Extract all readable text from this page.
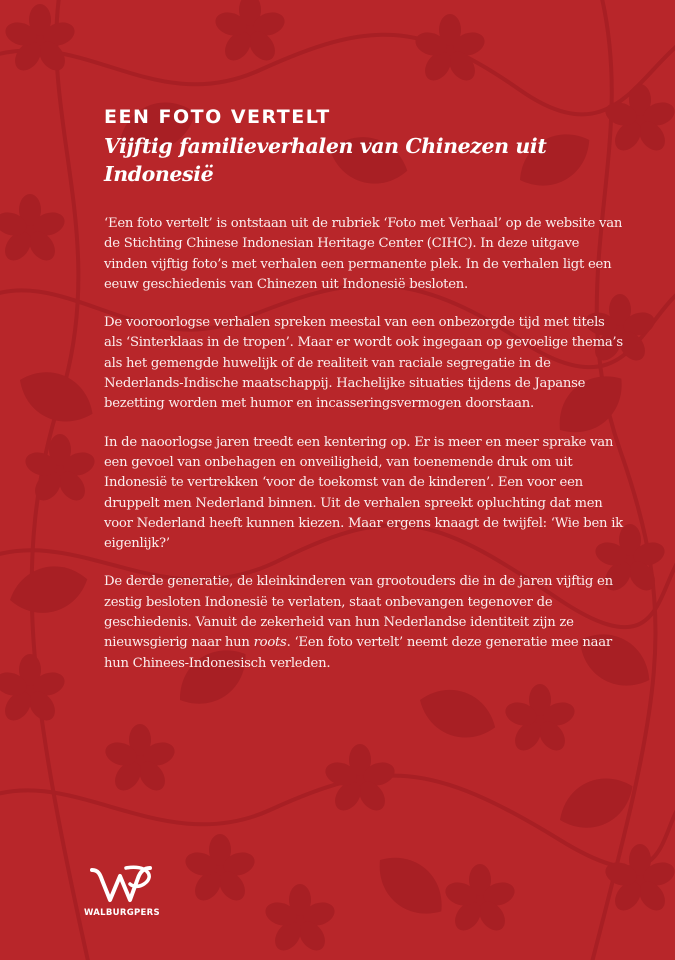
EEN FOTO VERTELT
Vijftig familieverhalen van Chinezen uit Indonesië

‘Een foto vertelt’ is ontstaan uit de rubriek ‘Foto met Verhaal’ op de website van de Stichting Chinese Indonesian Heritage Center (CIHC). In deze uitgave vinden vijftig foto’s met verhalen een permanente plek. In de verhalen ligt een eeuw geschiedenis van Chinezen uit Indonesië besloten.

De vooroorlogse verhalen spreken meestal van een onbezorgde tijd met titels als ‘Sinterklaas in de tropen’. Maar er wordt ook ingegaan op gevoelige thema’s als het gemengde huwelijk of de realiteit van raciale segregatie in de Nederlands-Indische maatschappij. Hachelijke situaties tijdens de Japanse bezetting worden met humor en incasseringsvermogen doorstaan.

In de naoorlogse jaren treedt een kentering op. Er is meer en meer sprake van een gevoel van onbehagen en onveiligheid, van toenemende druk om uit Indonesië te vertrekken ‘voor de toekomst van de kinderen’. Een voor een druppelt men Nederland binnen. Uit de verhalen spreekt opluchting dat men voor Nederland heeft kunnen kiezen. Maar ergens knaagt de twijfel: ‘Wie ben ik eigenlijk?’

De derde generatie, de kleinkinderen van grootouders die in de jaren vijftig en zestig besloten Indonesië te verlaten, staat onbevangen tegenover de geschiedenis. Vanuit de zekerheid van hun Nederlandse identiteit zijn ze nieuwsgierig naar hun roots. ‘Een foto vertelt’ neemt deze generatie mee naar hun Chinees-Indonesisch verleden.

WALBURGPERS
